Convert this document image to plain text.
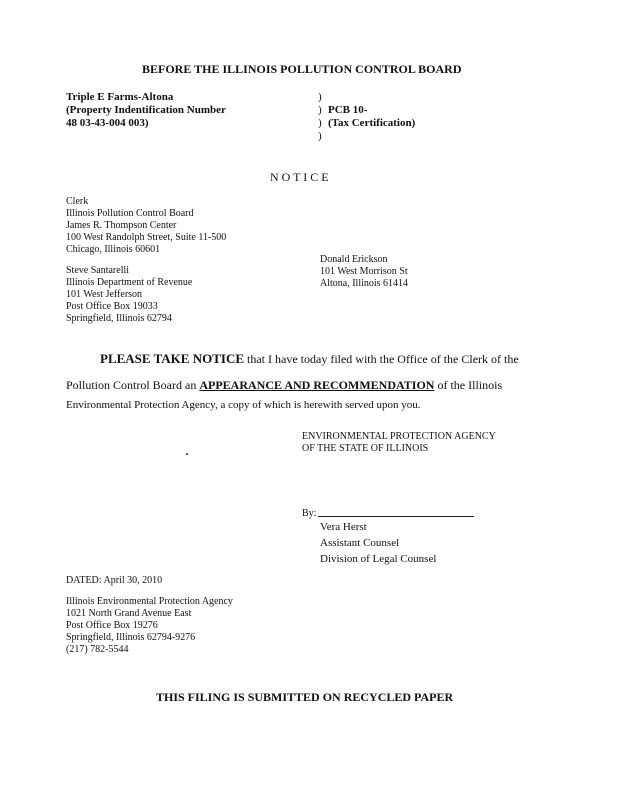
BEFORE THE ILLINOIS POLLUTION CONTROL BOARD
Triple E Farms-Altona
(Property Indentification Number
48 03-43-004 003)
)
)
)
)
PCB 10-
(Tax Certification)
N O T I C E
Clerk
Illinois Pollution Control Board
James R. Thompson Center
100 West Randolph Street, Suite 11-500
Chicago, Illinois 60601
Donald Erickson
101 West Morrison St
Altona, Illinois 61414
Steve Santarelli
Illinois Department of Revenue
101 West Jefferson
Post Office Box 19033
Springfield, Illinois 62794
PLEASE TAKE NOTICE that I have today filed with the Office of the Clerk of the
Pollution Control Board an APPEARANCE AND RECOMMENDATION of the Illinois
Environmental Protection Agency, a copy of which is herewith served upon you.
ENVIRONMENTAL PROTECTION AGENCY
OF THE STATE OF ILLINOIS
By:
Vera Herst
Assistant Counsel
Division of Legal Counsel
DATED: April 30, 2010
Illinois Environmental Protection Agency
1021 North Grand Avenue East
Post Office Box 19276
Springfield, Illinois 62794-9276
(217) 782-5544
THIS FILING IS SUBMITTED ON RECYCLED PAPER
